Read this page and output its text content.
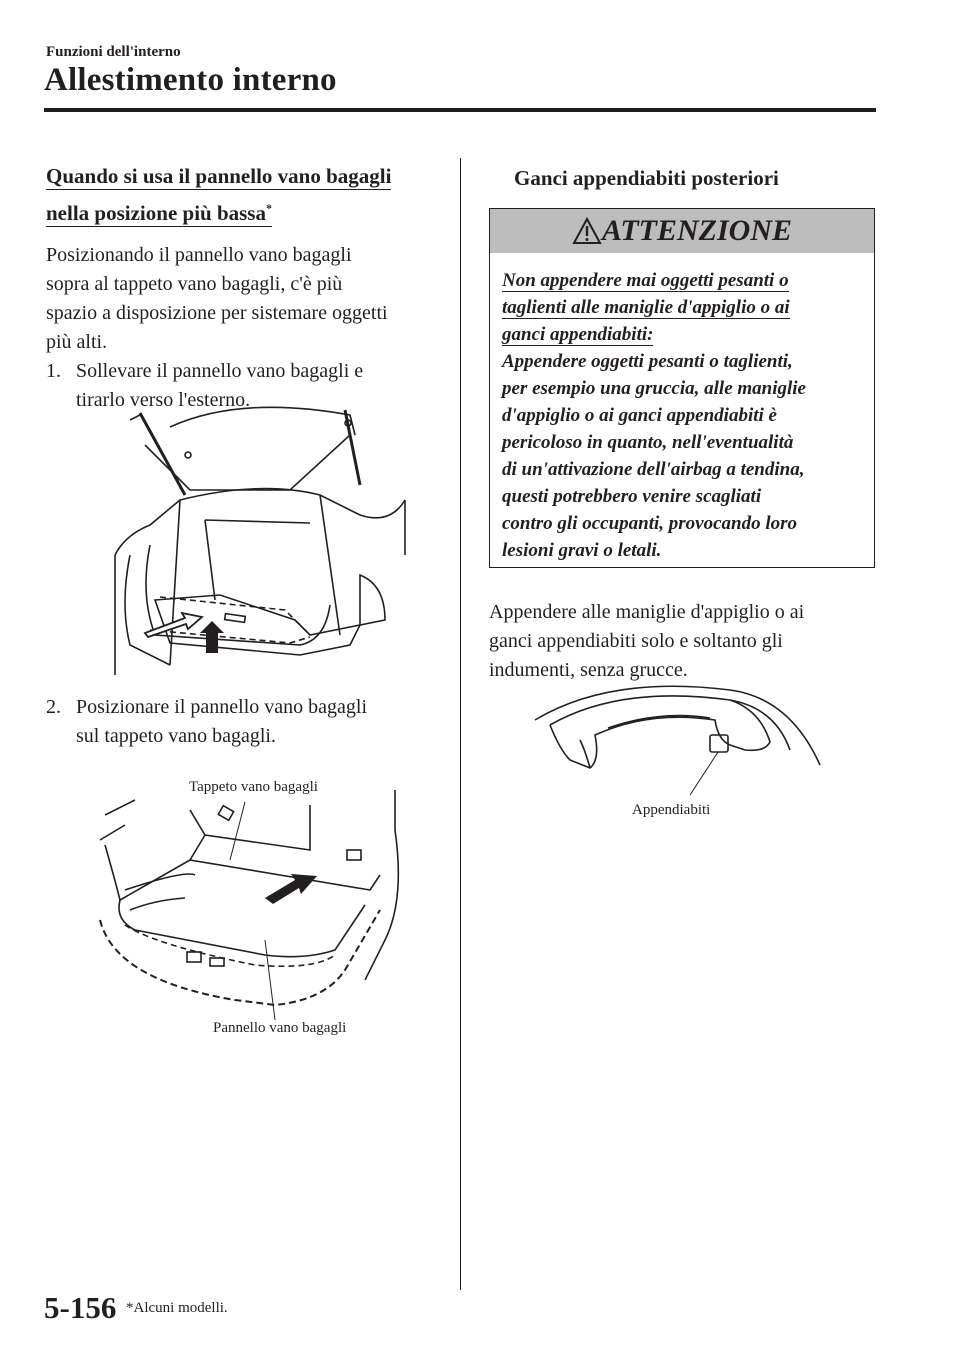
Funzioni dell'interno
Allestimento interno
Quando si usa il pannello vano bagagli
nella posizione più bassa*
Posizionando il pannello vano bagagli
sopra al tappeto vano bagagli, c'è più
spazio a disposizione per sistemare oggetti
più alti.
1. Sollevare il pannello vano bagagli e
tirarlo verso l'esterno.
2. Posizionare il pannello vano bagagli
sul tappeto vano bagagli.
Tappeto vano bagagli
Pannello vano bagagli
Ganci appendiabiti posteriori
ATTENZIONE
Non appendere mai oggetti pesanti o
taglienti alle maniglie d'appiglio o ai
ganci appendiabiti:
Appendere oggetti pesanti o taglienti,
per esempio una gruccia, alle maniglie
d'appiglio o ai ganci appendiabiti è
pericoloso in quanto, nell'eventualità
di un'attivazione dell'airbag a tendina,
questi potrebbero venire scagliati
contro gli occupanti, provocando loro
lesioni gravi o letali.
Appendere alle maniglie d'appiglio o ai
ganci appendiabiti solo e soltanto gli
indumenti, senza grucce.
Appendiabiti
5-156 *Alcuni modelli.
